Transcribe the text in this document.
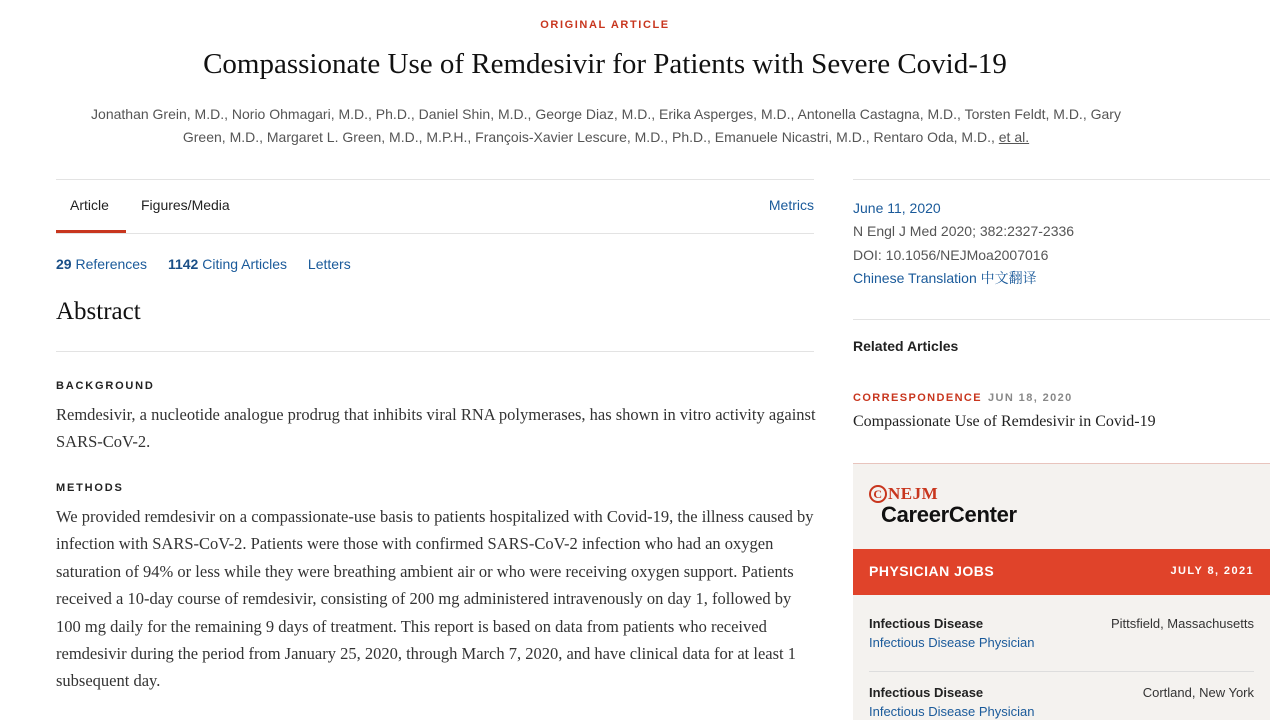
ORIGINAL ARTICLE
Compassionate Use of Remdesivir for Patients with Severe Covid-19
Jonathan Grein, M.D., Norio Ohmagari, M.D., Ph.D., Daniel Shin, M.D., George Diaz, M.D., Erika Asperges, M.D., Antonella Castagna, M.D., Torsten Feldt, M.D., Gary
Green, M.D., Margaret L. Green, M.D., M.P.H., François-Xavier Lescure, M.D., Ph.D., Emanuele Nicastri, M.D., Rentaro Oda, M.D., et al.
Article Figures/Media	Metrics
29 References 1142 Citing Articles Letters
Abstract
BACKGROUND

Remdesivir, a nucleotide analogue prodrug that inhibits viral RNA polymerases, has shown in vitro activity against SARS-CoV-2.

METHODS

We provided remdesivir on a compassionate-use basis to patients hospitalized with Covid-19, the illness caused by infection with SARS-CoV-2. Patients were those with confirmed SARS-CoV-2 infection who had an oxygen saturation of 94% or less while they were breathing ambient air or who were receiving oxygen support. Patients received a 10-day course of remdesivir, consisting of 200 mg administered intravenously on day 1, followed by 100 mg daily for the remaining 9 days of treatment. This report is based on data from patients who received remdesivir during the period from January 25, 2020, through March 7, 2020, and have clinical data for at least 1 subsequent day.

June 11, 2020
N Engl J Med 2020; 382:2327-2336
DOI: 10.1056/NEJMoa2007016
Chinese Translation 中文翻译
Related Articles
CORRESPONDENCE JUN 18, 2020
Compassionate Use of Remdesivir in Covid-19
C NEJM
CareerCenter
PHYSICIAN JOBS	JULY 8, 2021
Infectious Disease	Pittsfield, Massachusetts
Infectious Disease Physician
Infectious Disease	Cortland, New York
Infectious Disease Physician
